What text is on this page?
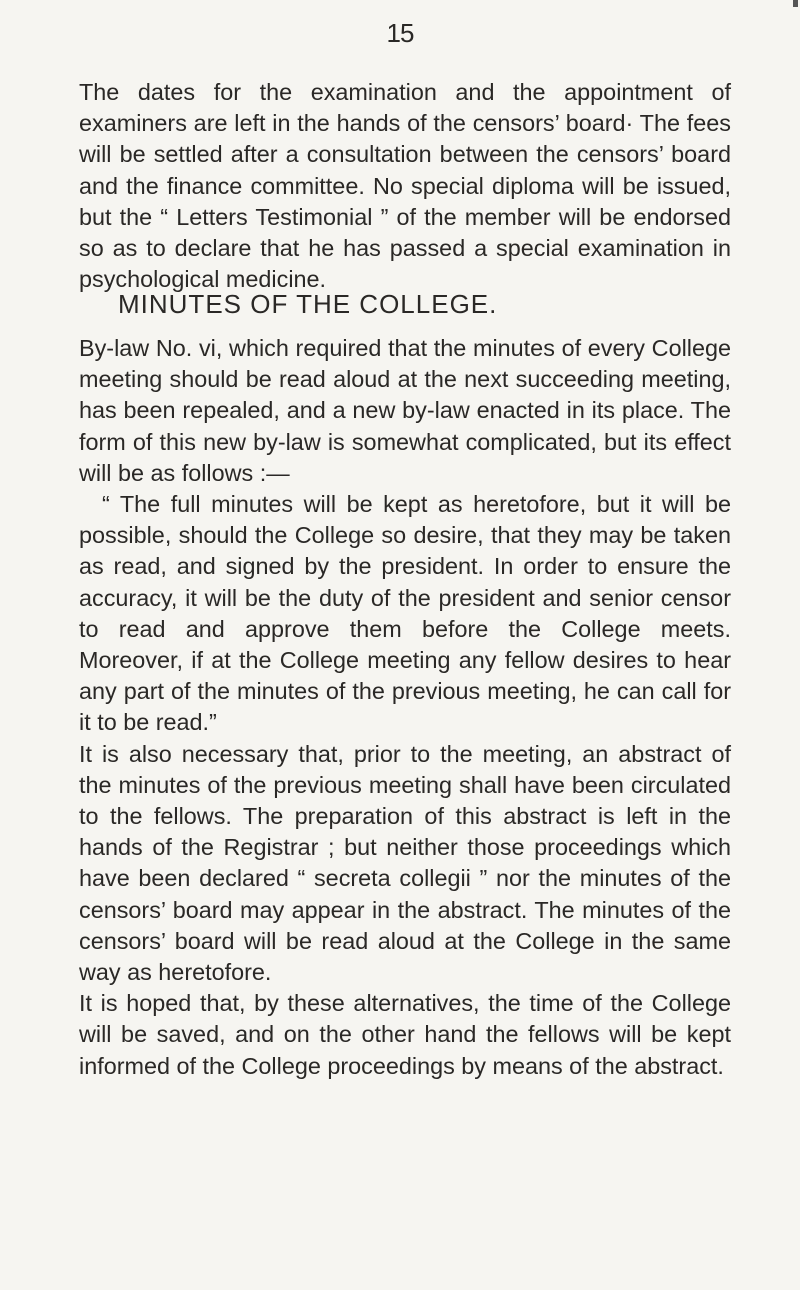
15

The dates for the examination and the appointment of examiners are left in the hands of the censors’ board· The fees will be settled after a consultation between the censors’ board and the finance committee. No special diploma will be issued, but the “ Letters Testimonial ” of the member will be endorsed so as to declare that he has passed a special examination in psychological medicine.

MINUTES OF THE COLLEGE.

By-law No. vi, which required that the minutes of every College meeting should be read aloud at the next succeeding meeting, has been repealed, and a new by-law enacted in its place. The form of this new by-law is somewhat complicated, but its effect will be as follows :—

“ The full minutes will be kept as heretofore, but it will be possible, should the College so desire, that they may be taken as read, and signed by the president. In order to ensure the accuracy, it will be the duty of the president and senior censor to read and approve them before the College meets. Moreover, if at the College meeting any fellow desires to hear any part of the minutes of the previous meeting, he can call for it to be read.”

It is also necessary that, prior to the meeting, an abstract of the minutes of the previous meeting shall have been circulated to the fellows. The preparation of this abstract is left in the hands of the Registrar ; but neither those proceedings which have been declared “ secreta collegii ” nor the minutes of the censors’ board may appear in the abstract. The minutes of the censors’ board will be read aloud at the College in the same way as heretofore.

It is hoped that, by these alternatives, the time of the College will be saved, and on the other hand the fellows will be kept informed of the College proceedings by means of the abstract.
